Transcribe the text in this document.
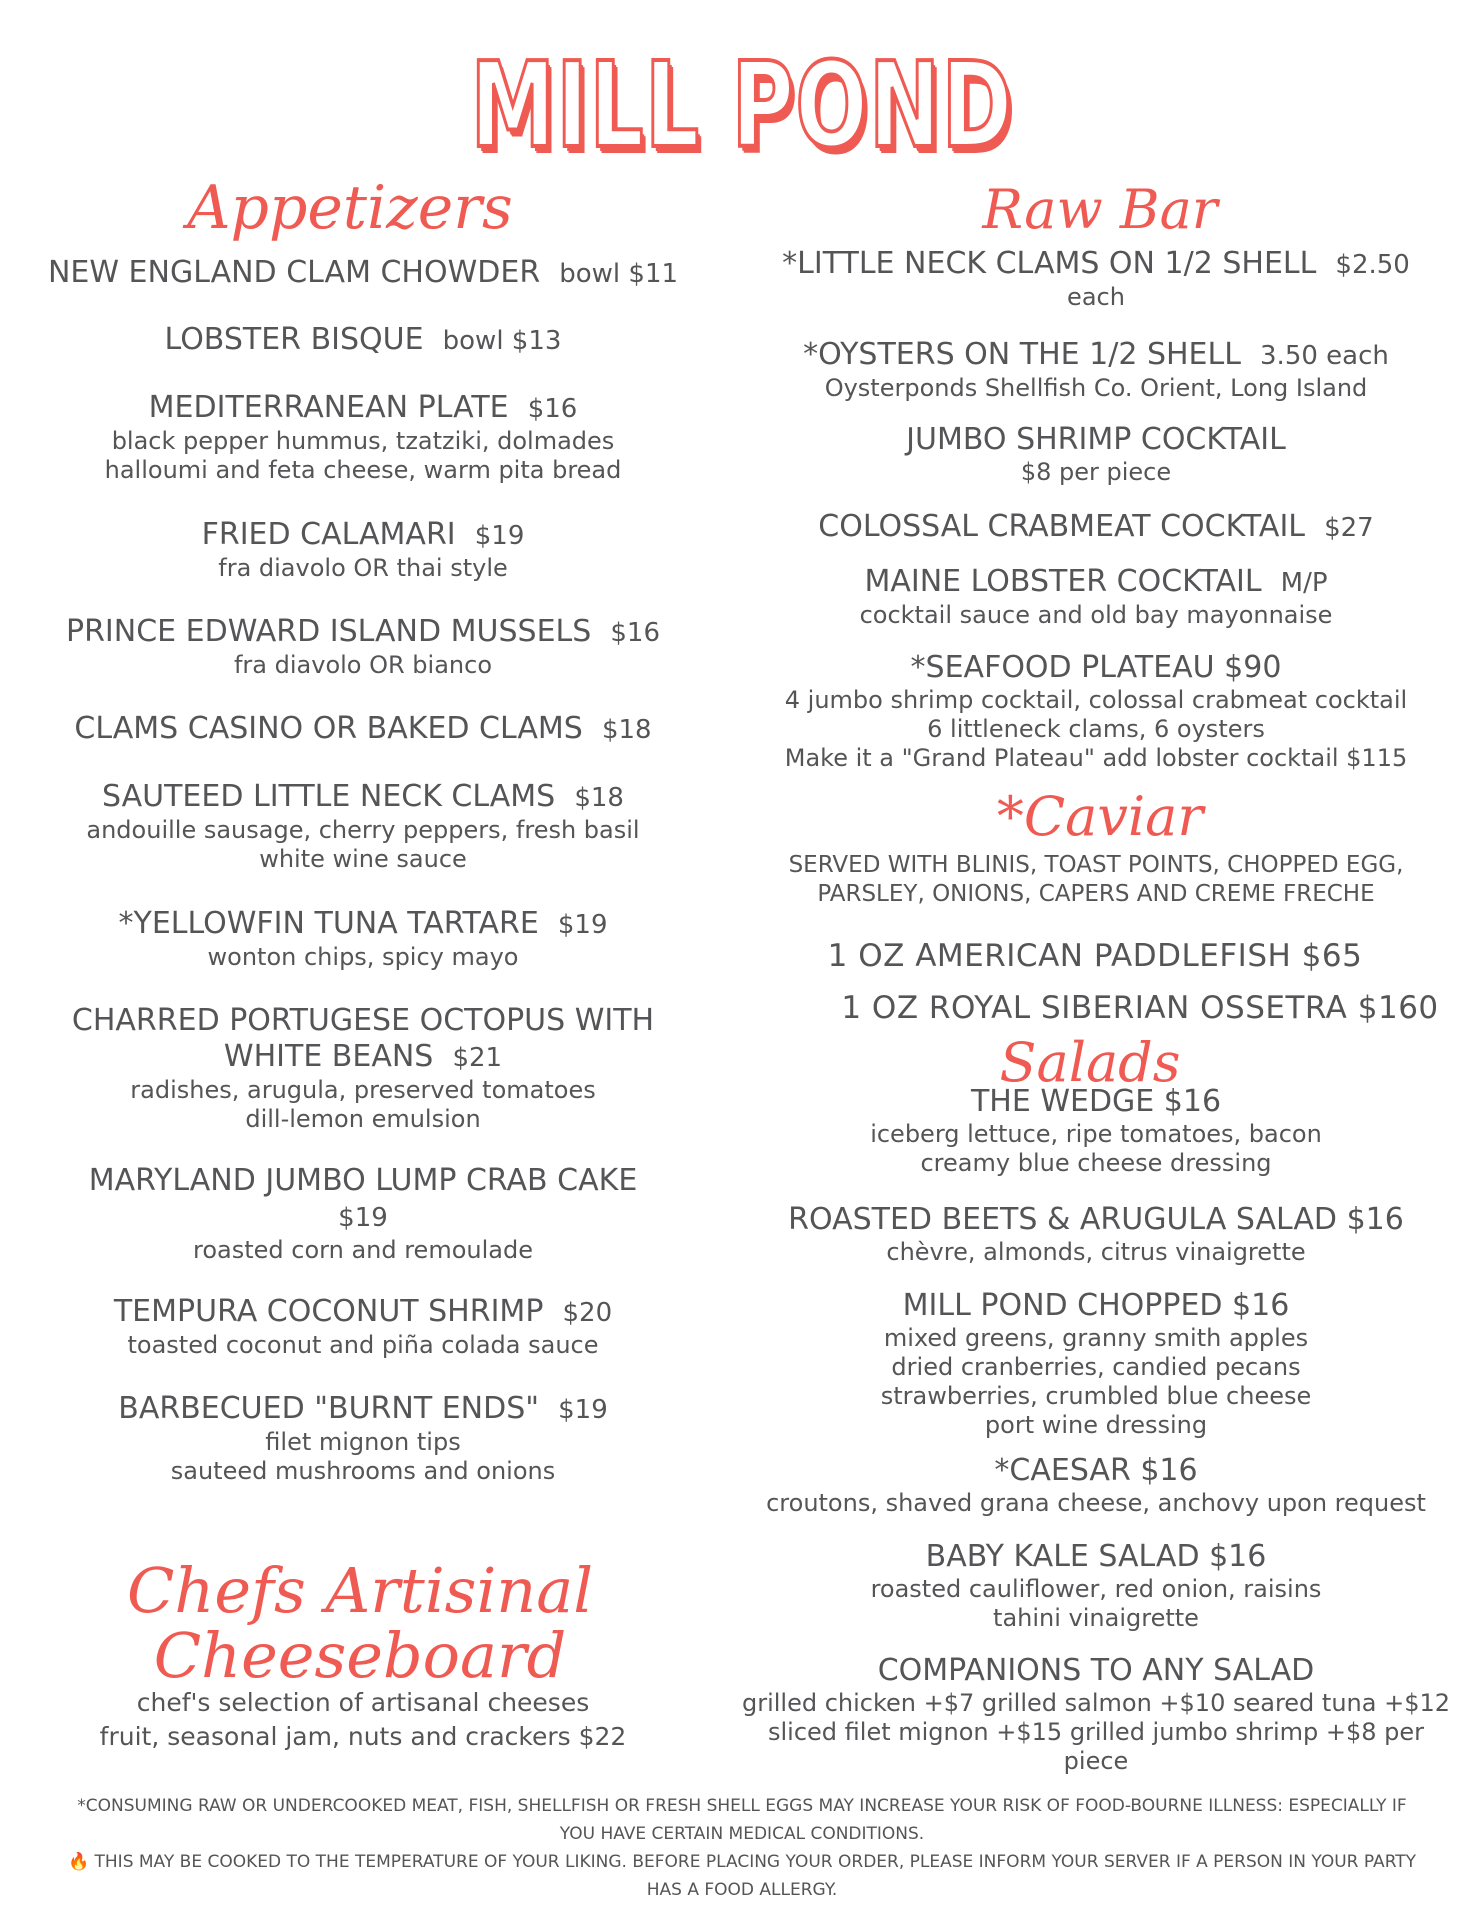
MILL POND
Appetizers
NEW ENGLAND CLAM CHOWDER bowl $11
LOBSTER BISQUE bowl $13
MEDITERRANEAN PLATE $16
black pepper hummus, tzatziki, dolmades
halloumi and feta cheese, warm pita bread
FRIED CALAMARI $19
fra diavolo OR thai style
PRINCE EDWARD ISLAND MUSSELS $16
fra diavolo OR bianco
CLAMS CASINO OR BAKED CLAMS $18
SAUTEED LITTLE NECK CLAMS $18
andouille sausage, cherry peppers, fresh basil
white wine sauce
*YELLOWFIN TUNA TARTARE $19
wonton chips, spicy mayo
CHARRED PORTUGESE OCTOPUS WITH
WHITE BEANS $21
radishes, arugula, preserved tomatoes
dill-lemon emulsion
MARYLAND JUMBO LUMP CRAB CAKE
$19
roasted corn and remoulade
TEMPURA COCONUT SHRIMP $20
toasted coconut and piña colada sauce
BARBECUED "BURNT ENDS" $19
filet mignon tips
sauteed mushrooms and onions
Chefs Artisinal
Cheeseboard
chef's selection of artisanal cheeses
fruit, seasonal jam, nuts and crackers $22
Raw Bar
*LITTLE NECK CLAMS ON 1/2 SHELL $2.50
each
*OYSTERS ON THE 1/2 SHELL 3.50 each
Oysterponds Shellfish Co. Orient, Long Island
JUMBO SHRIMP COCKTAIL
$8 per piece
COLOSSAL CRABMEAT COCKTAIL $27
MAINE LOBSTER COCKTAIL M/P
cocktail sauce and old bay mayonnaise
*SEAFOOD PLATEAU $90
4 jumbo shrimp cocktail, colossal crabmeat cocktail
6 littleneck clams, 6 oysters
Make it a "Grand Plateau" add lobster cocktail $115
*Caviar
SERVED WITH BLINIS, TOAST POINTS, CHOPPED EGG,
PARSLEY, ONIONS, CAPERS AND CREME FRECHE
1 OZ AMERICAN PADDLEFISH $65
1 OZ ROYAL SIBERIAN OSSETRA $160
Salads
THE WEDGE $16
iceberg lettuce, ripe tomatoes, bacon
creamy blue cheese dressing
ROASTED BEETS & ARUGULA SALAD $16
chèvre, almonds, citrus vinaigrette
MILL POND CHOPPED $16
mixed greens, granny smith apples
dried cranberries, candied pecans
strawberries, crumbled blue cheese
port wine dressing
*CAESAR $16
croutons, shaved grana cheese, anchovy upon request
BABY KALE SALAD $16
roasted cauliflower, red onion, raisins
tahini vinaigrette
COMPANIONS TO ANY SALAD
grilled chicken +$7 grilled salmon +$10 seared tuna +$12
sliced filet mignon +$15 grilled jumbo shrimp +$8 per
piece
*CONSUMING RAW OR UNDERCOOKED MEAT, FISH, SHELLFISH OR FRESH SHELL EGGS MAY INCREASE YOUR RISK OF FOOD-BOURNE ILLNESS: ESPECIALLY IF
YOU HAVE CERTAIN MEDICAL CONDITIONS.
🔥 THIS MAY BE COOKED TO THE TEMPERATURE OF YOUR LIKING. BEFORE PLACING YOUR ORDER, PLEASE INFORM YOUR SERVER IF A PERSON IN YOUR PARTY
HAS A FOOD ALLERGY.
